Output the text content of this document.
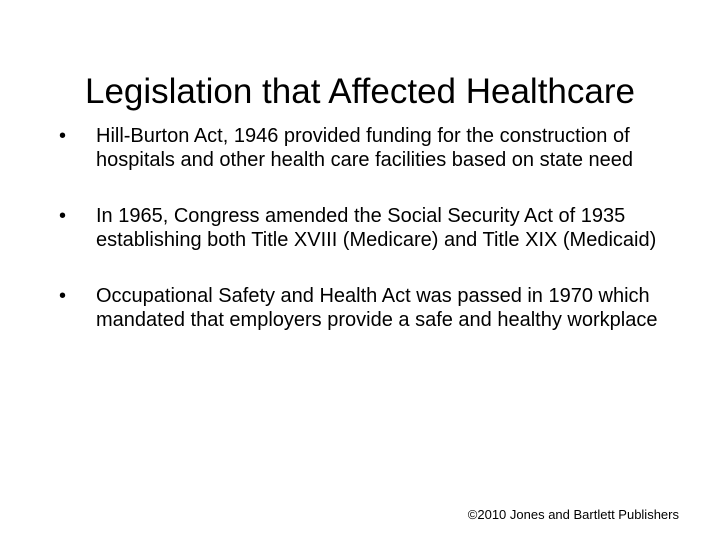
Legislation that Affected Healthcare
• Hill-Burton Act, 1946 provided funding for the construction of hospitals and other health care facilities based on state need
• In 1965, Congress amended the Social Security Act of 1935 establishing both Title XVIII (Medicare) and Title XIX (Medicaid)
• Occupational Safety and Health Act was passed in 1970 which mandated that employers provide a safe and healthy workplace
©2010 Jones and Bartlett Publishers
